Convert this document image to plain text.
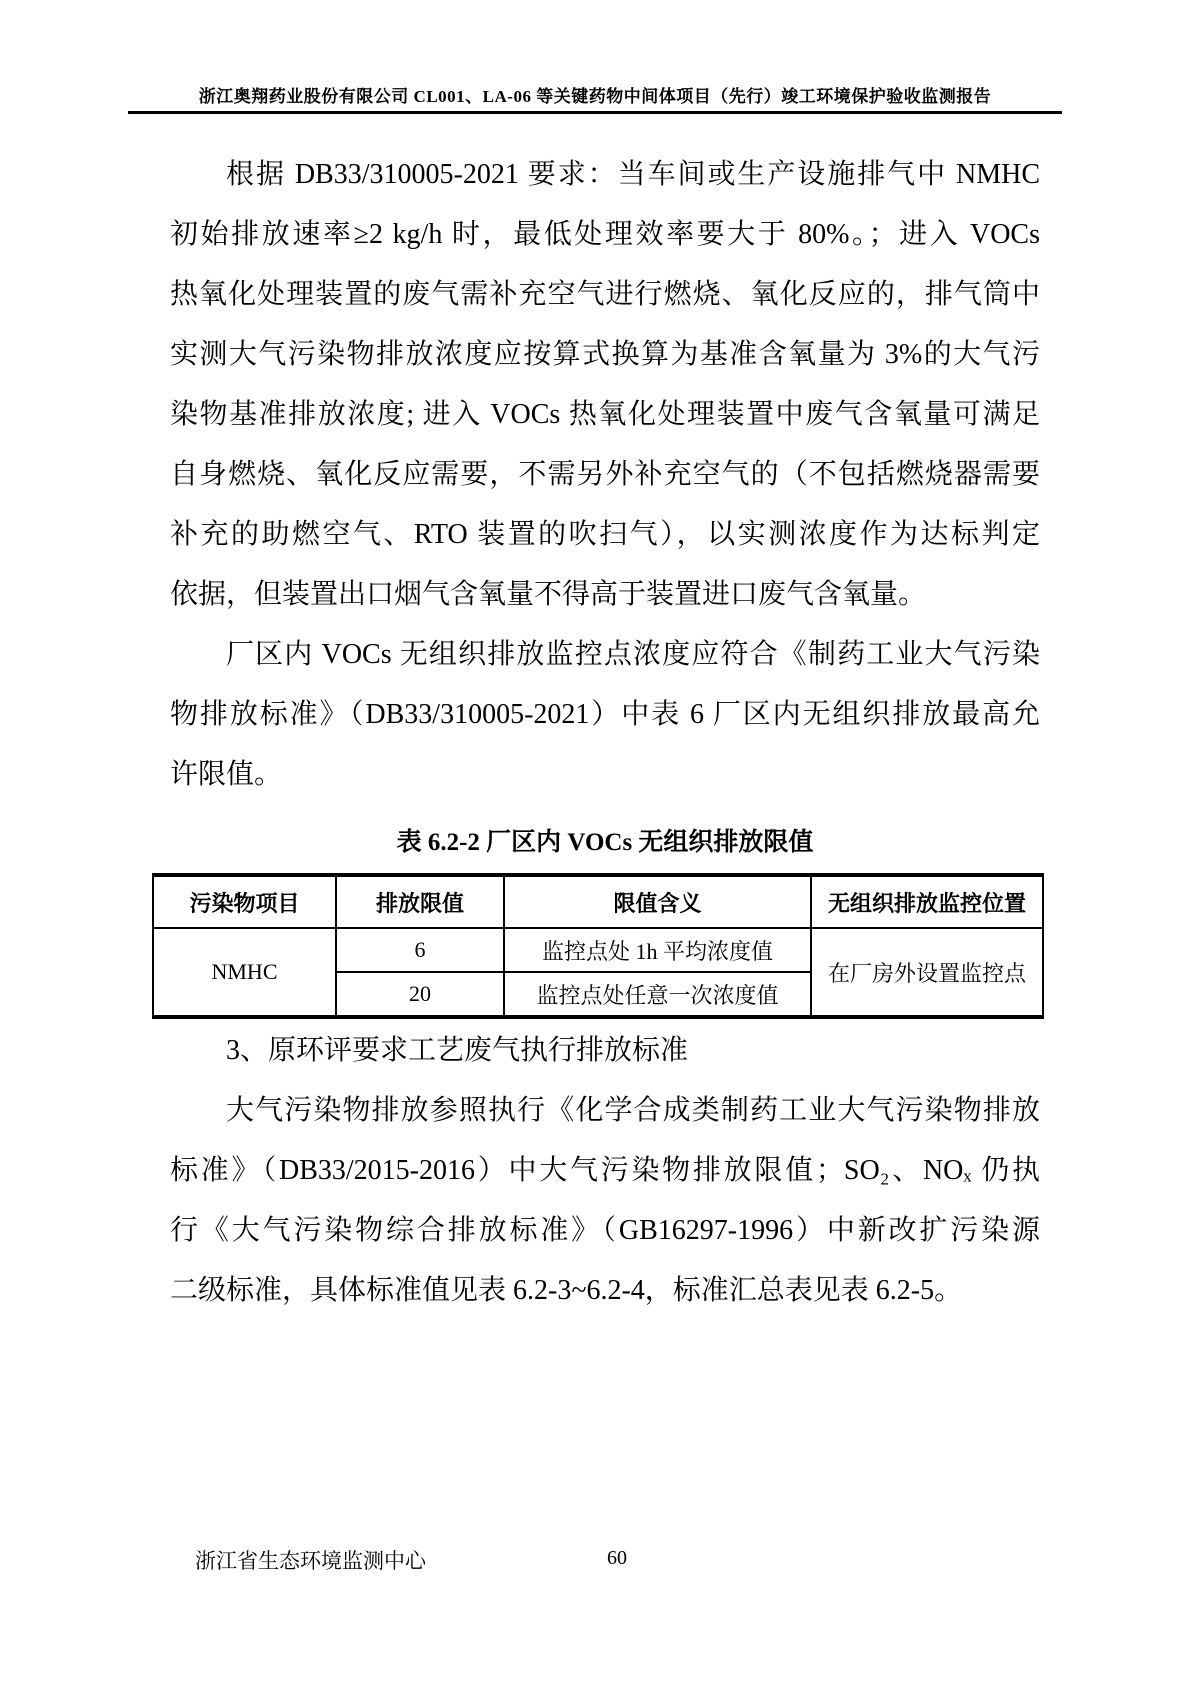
浙江奥翔药业股份有限公司 CL001、LA-06 等关键药物中间体项目（先行）竣工环境保护验收监测报告
根据 DB33/310005-2021 要求：当车间或生产设施排气中 NMHC
初始排放速率≥2 kg/h 时，最低处理效率要大于 80%。；进入 VOCs
热氧化处理装置的废气需补充空气进行燃烧、氧化反应的，排气筒中
实测大气污染物排放浓度应按算式换算为基准含氧量为 3%的大气污
染物基准排放浓度; 进入 VOCs 热氧化处理装置中废气含氧量可满足
自身燃烧、氧化反应需要，不需另外补充空气的（不包括燃烧器需要
补充的助燃空气、RTO 装置的吹扫气），以实测浓度作为达标判定
依据，但装置出口烟气含氧量不得高于装置进口废气含氧量。
厂区内 VOCs 无组织排放监控点浓度应符合《制药工业大气污染
物排放标准》（DB33/310005-2021）中表 6 厂区内无组织排放最高允
许限值。
表 6.2-2 厂区内 VOCs 无组织排放限值
污染物项目	排放限值	限值含义	无组织排放监控位置
NMHC	6	监控点处 1h 平均浓度值	在厂房外设置监控点
	20	监控点处任意一次浓度值	
3、原环评要求工艺废气执行排放标准
大气污染物排放参照执行《化学合成类制药工业大气污染物排放
标准》（DB33/2015-2016）中大气污染物排放限值；SO₂、NOₓ 仍执
行《大气污染物综合排放标准》（GB16297-1996）中新改扩污染源
二级标准，具体标准值见表 6.2-3~6.2-4，标准汇总表见表 6.2-5。
浙江省生态环境监测中心	60
